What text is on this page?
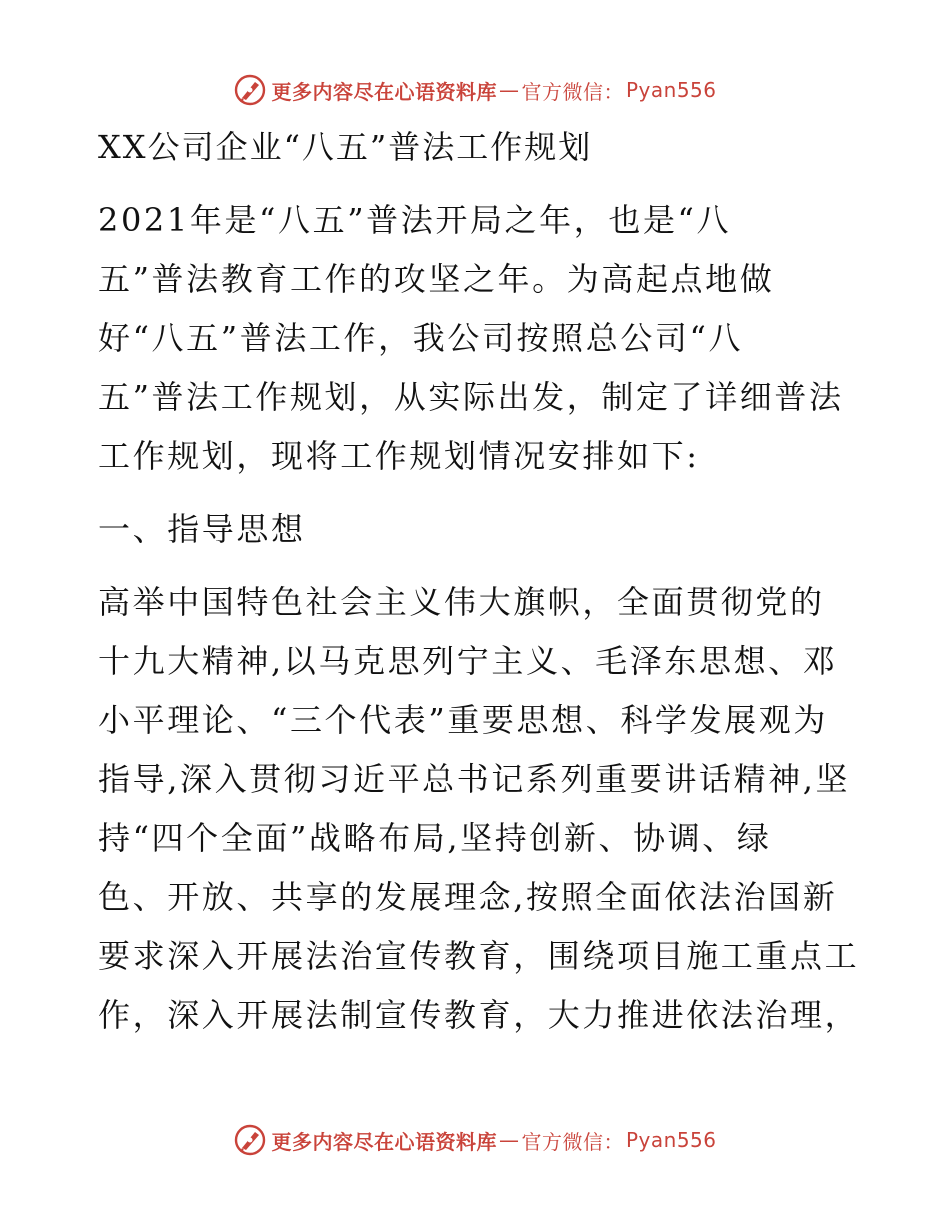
更多内容尽在心语资料库 — 官方微信： Pyan556
XX公司企业“八五”普法工作规划
2021年是“八五”普法开局之年，也是“八
五”普法教育工作的攻坚之年。为高起点地做
好“八五”普法工作，我公司按照总公司“八
五”普法工作规划，从实际出发，制定了详细普法
工作规划，现将工作规划情况安排如下:
一、指导思想
高举中国特色社会主义伟大旗帜，全面贯彻党的
十九大精神,以马克思列宁主义、毛泽东思想、邓
小平理论、“三个代表”重要思想、科学发展观为
指导,深入贯彻习近平总书记系列重要讲话精神,坚
持“四个全面”战略布局,坚持创新、协调、绿
色、开放、共享的发展理念,按照全面依法治国新
要求深入开展法治宣传教育，围绕项目施工重点工
作，深入开展法制宣传教育，大力推进依法治理，
更多内容尽在心语资料库 — 官方微信： Pyan556
